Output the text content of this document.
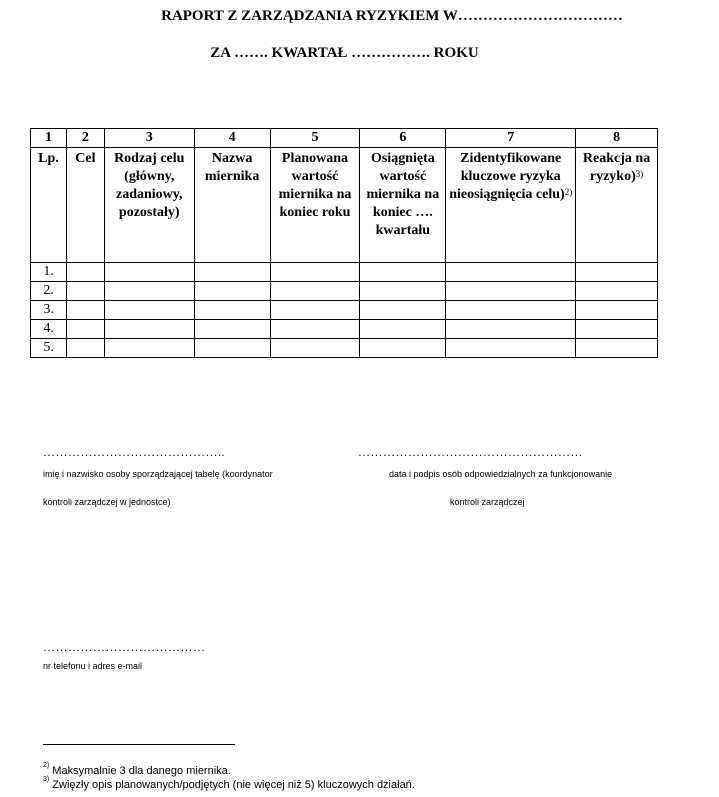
RAPORT Z ZARZĄDZANIA RYZYKIEM W……………………………
ZA ……. KWARTAŁ ……………. ROKU
1	2	3	4	5	6	7	8
Lp.	Cel	Rodzaj celu (główny, zadaniowy, pozostały)	Nazwa miernika	Planowana wartość miernika na koniec roku	Osiągnięta wartość miernika na koniec …. kwartału	Zidentyfikowane kluczowe ryzyka nieosiągnięcia celu)$^{2)}$	Reakcja na ryzyko)$^{3)}$
1.							
2.							
3.							
4.							
5.							
……………………………………..
imię i nazwisko osoby sporządzającej tabelę (koordynator
kontroli zarządczej w jednostce)
………………………………………………
data i podpis osób odpowiedzialnych za funkcjonowanie
kontroli zarządczej
…………………………………
nr telefonu i adres e-mail
$^{2)}$ Maksymalnie 3 dla danego miernika.
$^{3)}$ Zwięzły opis planowanych/podjętych (nie więcej niż 5) kluczowych działań.
